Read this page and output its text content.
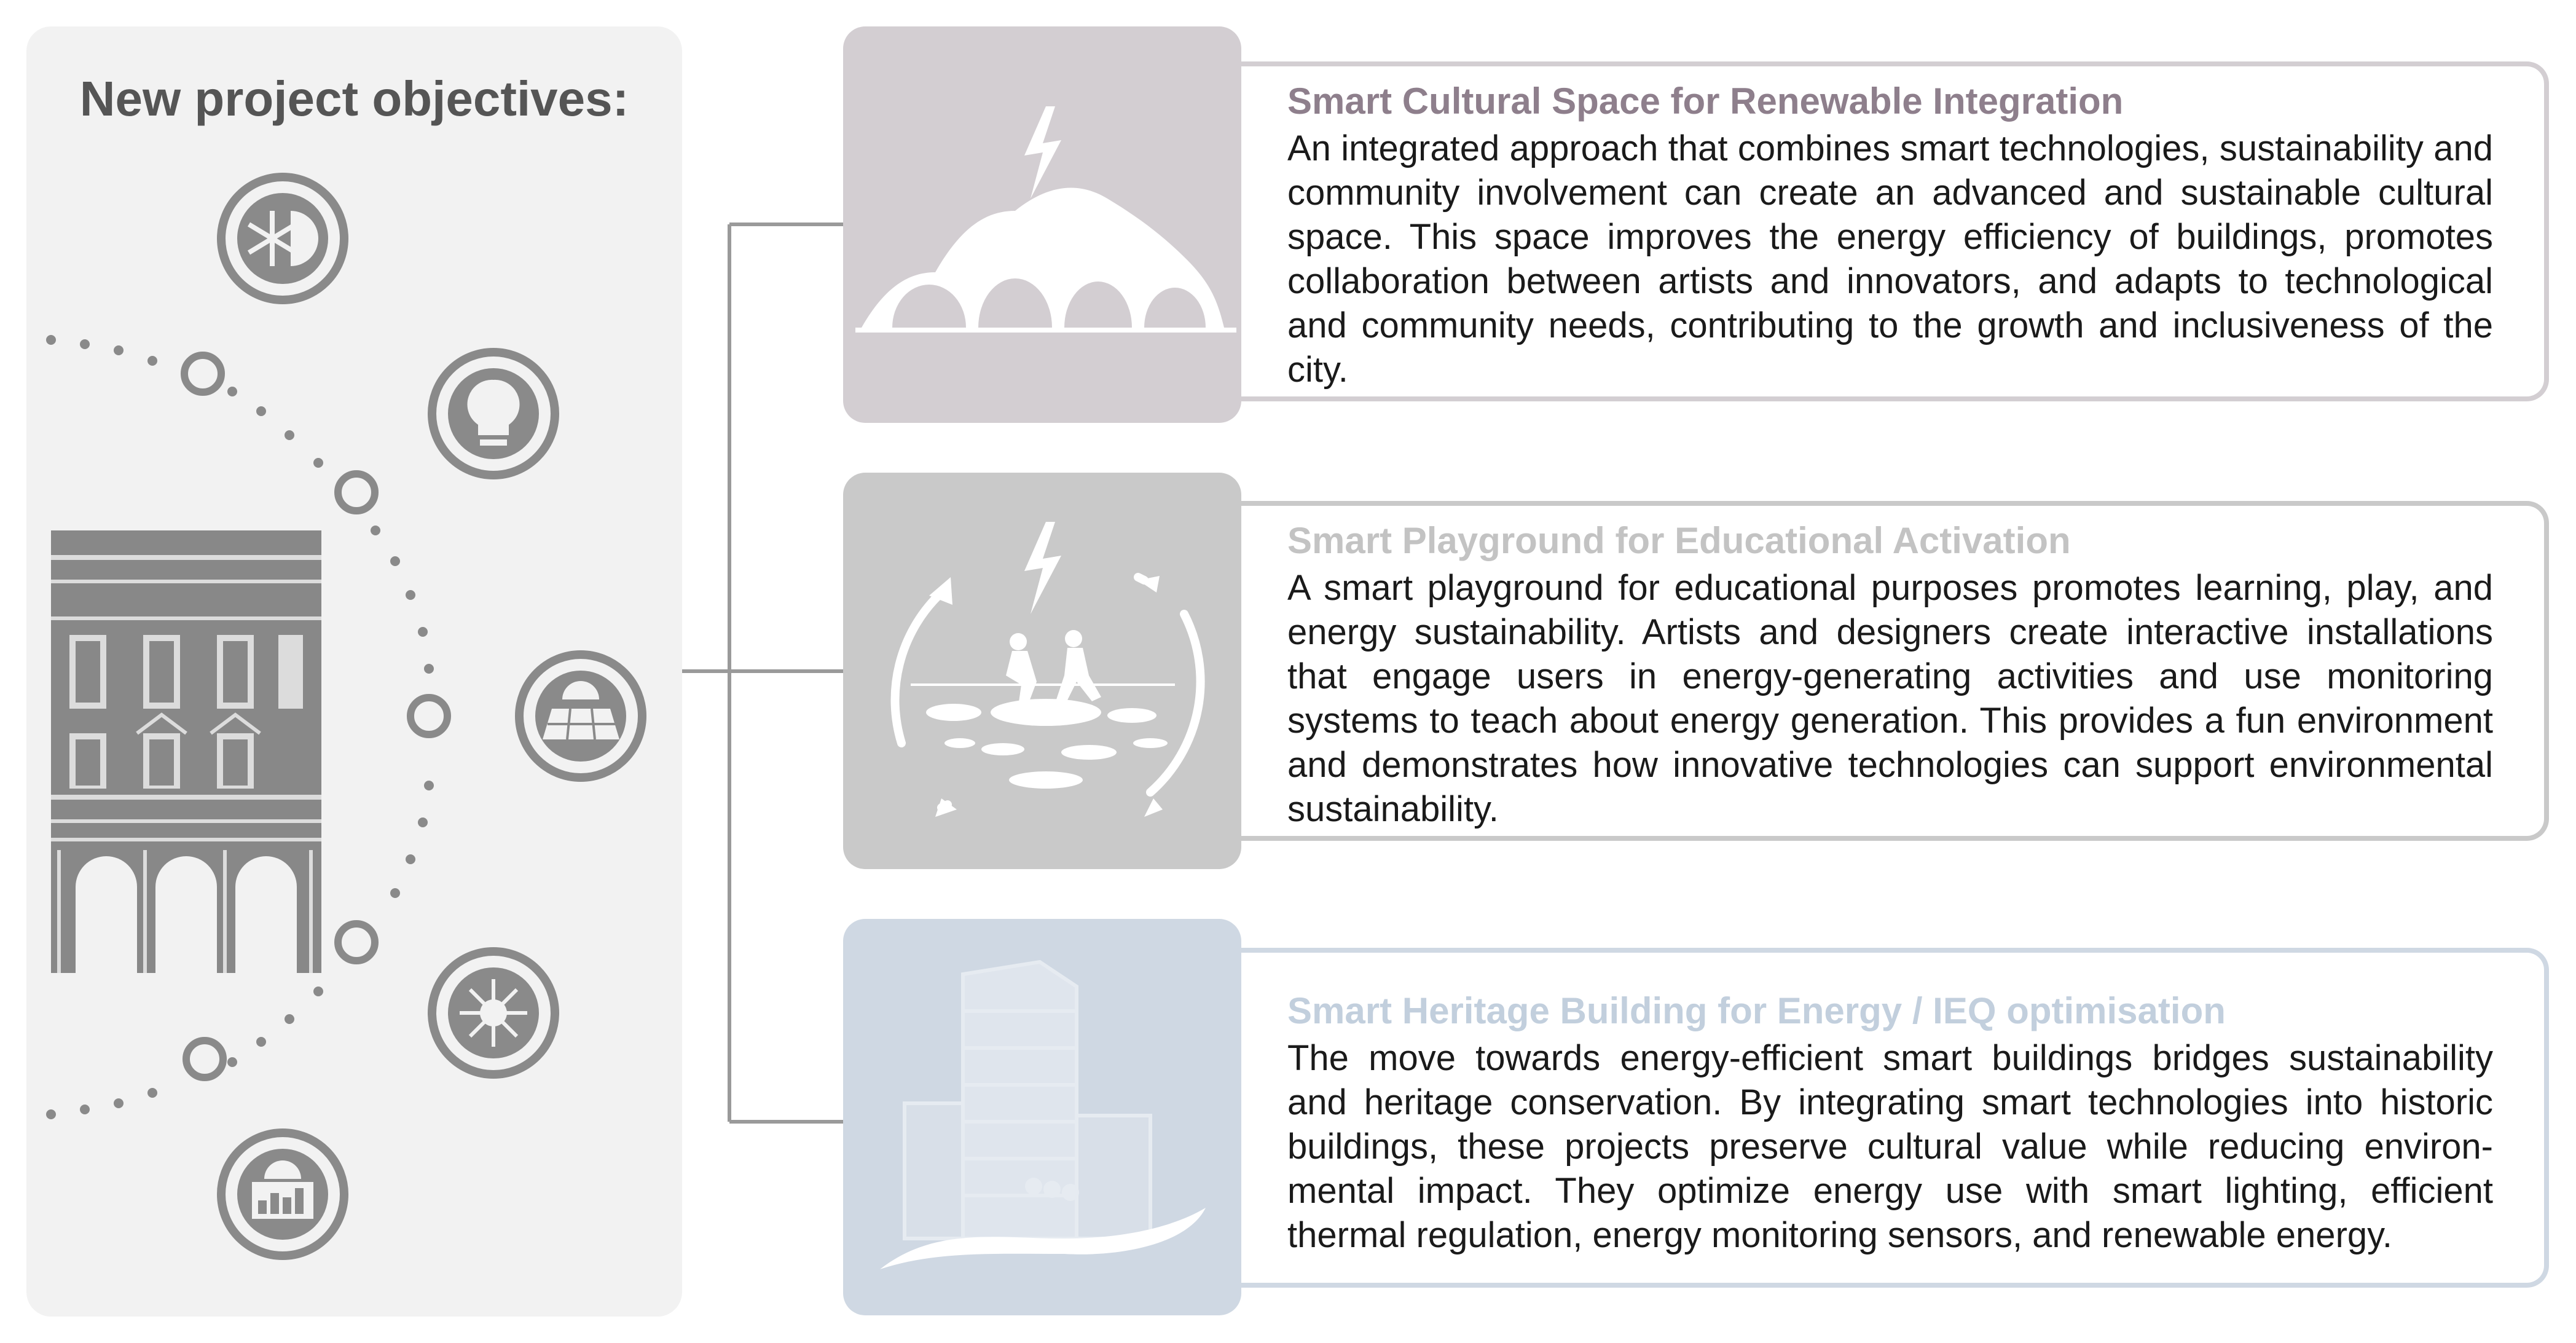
New project objectives:	Smart Cultural Space for Renewable Integration

An integrated approach that combines smart technologies, sustainability and community involvement can create an advanced and sustainable cultural space. This space improves the energy efficiency of buildings, promotes collaboration between artists and innovators, and adapts to technological and community needs, contributing to the growth and inclusiveness of the city.

Smart Playground for Educational Activation

A smart playground for educational purposes promotes learning, play, and energy sustainability. Artists and designers create interactive installations that engage users in energy-generating activities and use monitoring systems to teach about energy generation. This provides a fun environment and demonstrates how innovative technologies can support environmental sustainability.

Smart Heritage Building for Energy / IEQ optimisation

The move towards energy-efficient smart buildings bridges sustainability and heritage conservation. By integrating smart technologies into historic buildings, these projects preserve cultural value while reducing environ-mental impact. They optimize energy use with smart lighting, efficient thermal regulation, energy monitoring sensors, and renewable energy.
